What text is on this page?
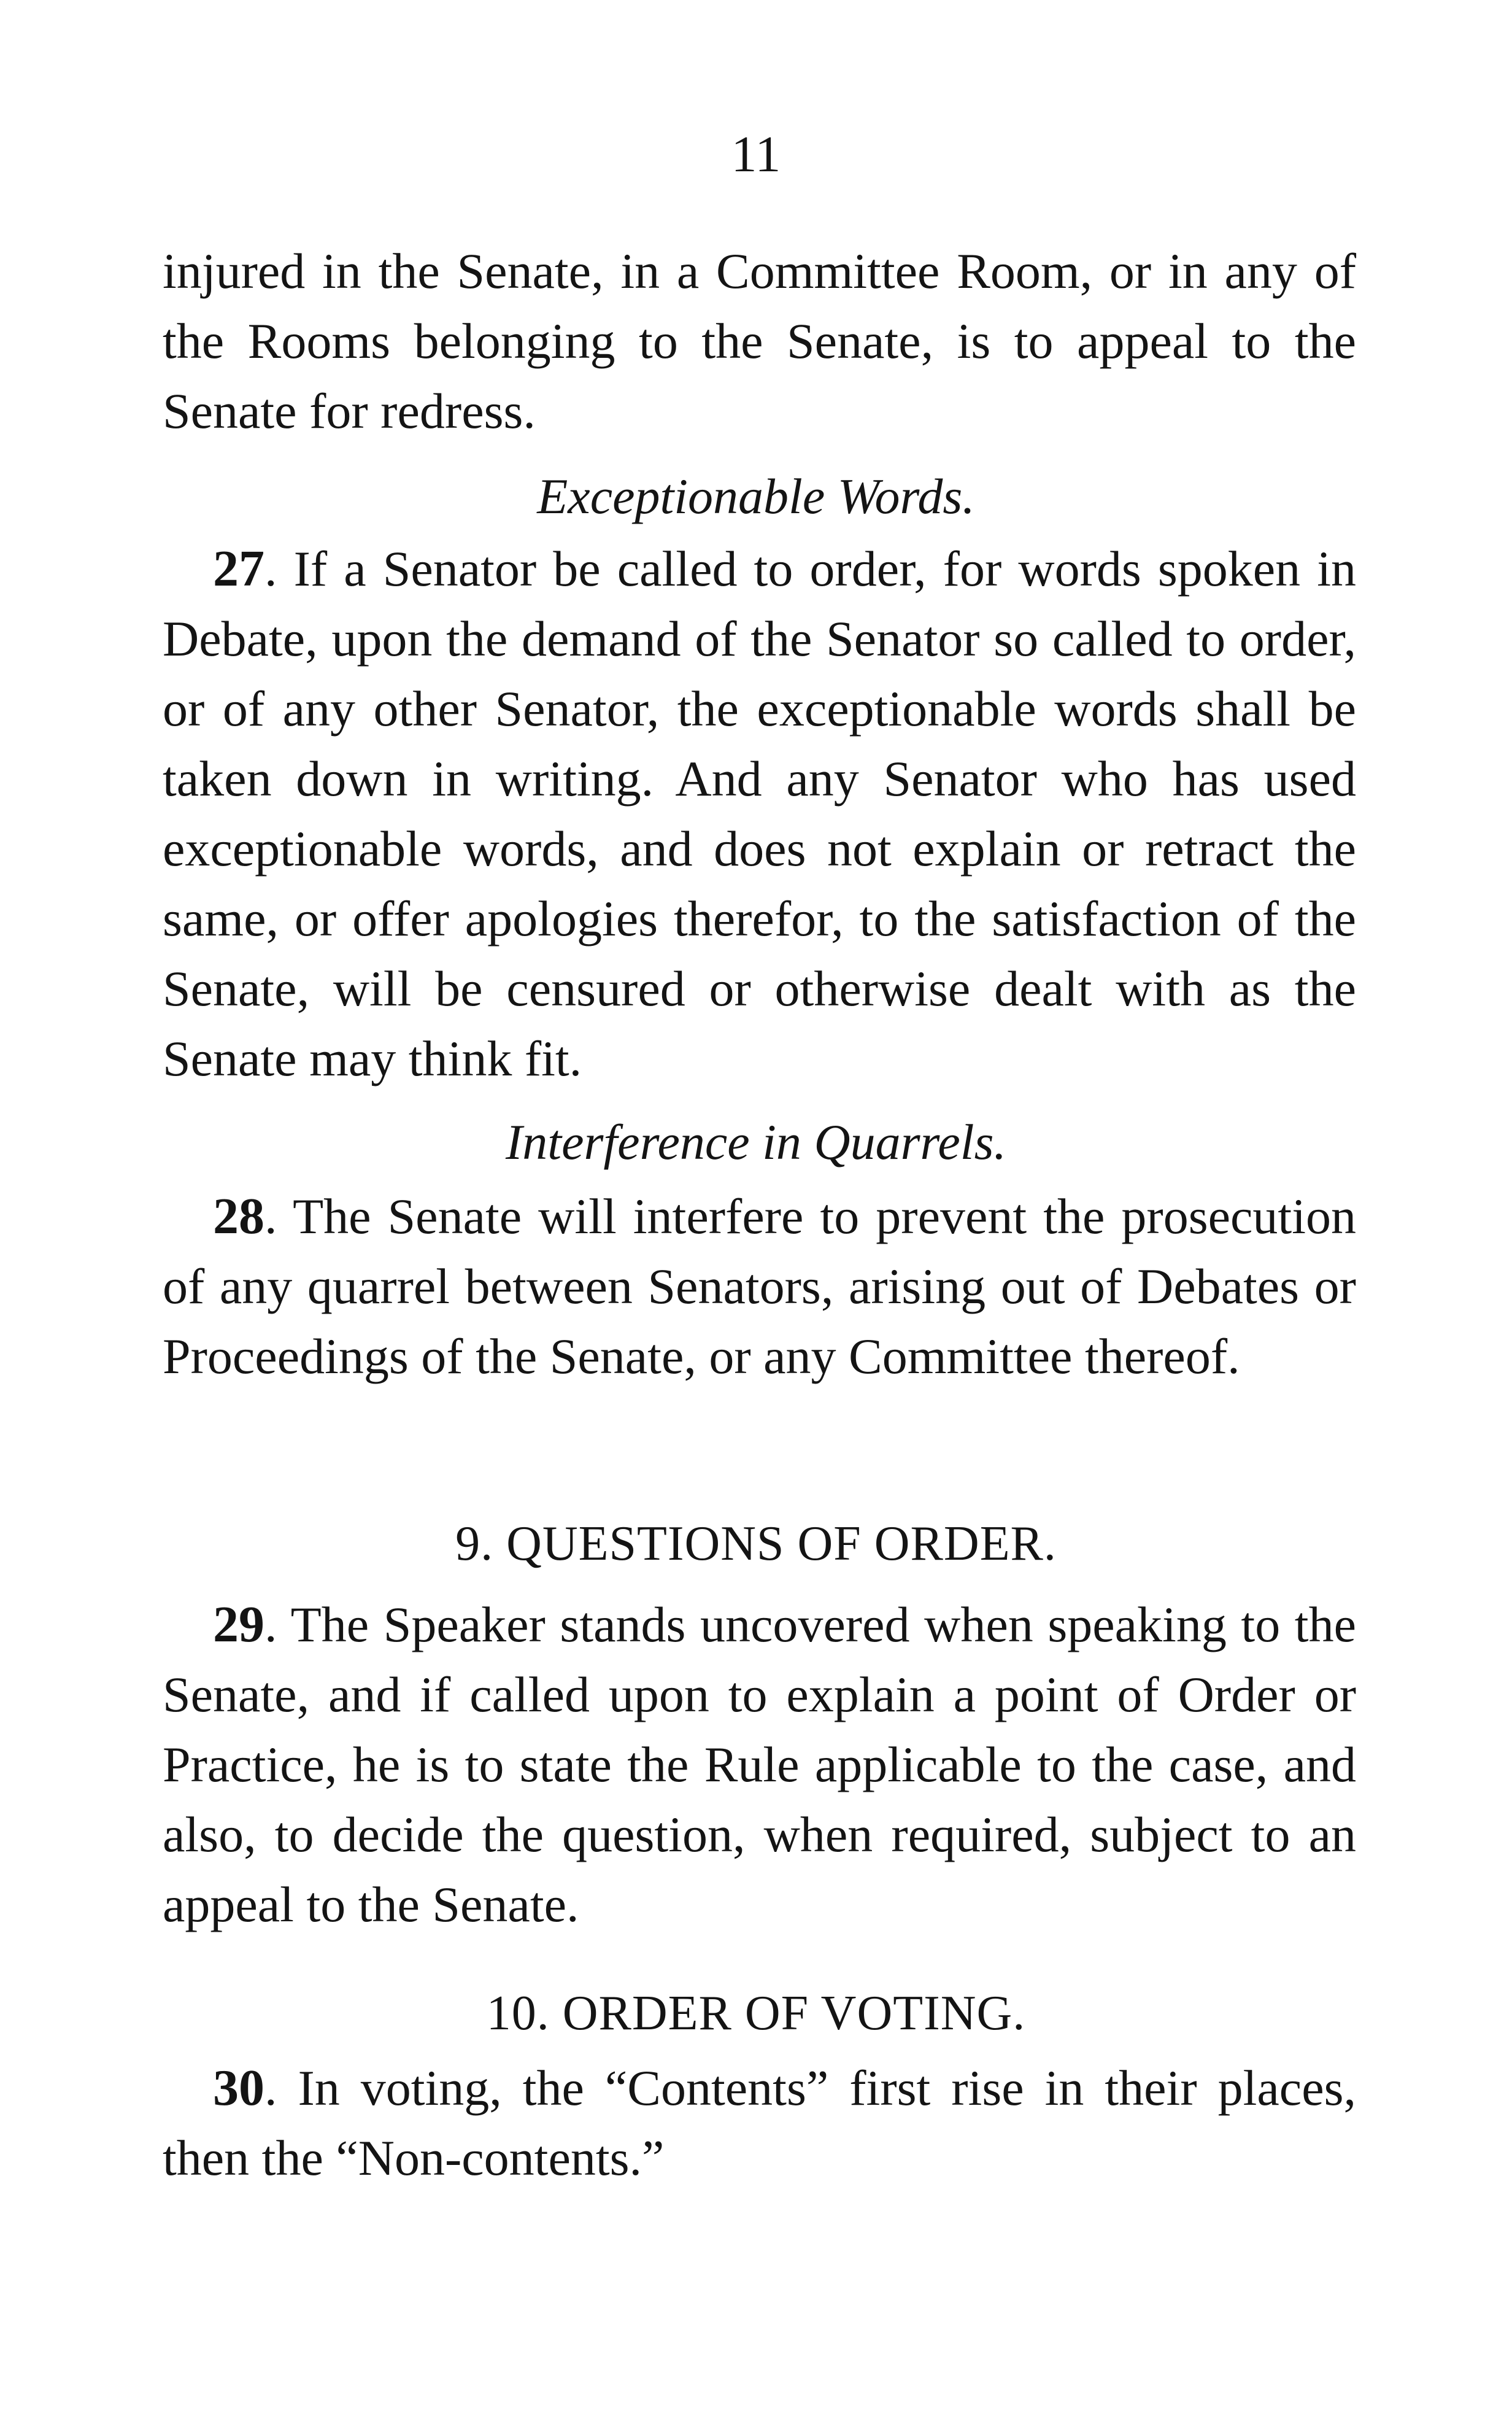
11
injured in the Senate, in a Committee Room, or in any of the Rooms belonging to the Senate, is to appeal to the Senate for redress.
Exceptionable Words.
27. If a Senator be called to order, for words spoken in Debate, upon the demand of the Senator so called to order, or of any other Senator, the exceptionable words shall be taken down in writing. And any Senator who has used exceptionable words, and does not explain or retract the same, or offer apologies therefor, to the satisfaction of the Senate, will be censured or otherwise dealt with as the Senate may think fit.
Interference in Quarrels.
28. The Senate will interfere to prevent the prosecution of any quarrel between Senators, arising out of Debates or Proceedings of the Senate, or any Committee thereof.
9. QUESTIONS OF ORDER.
29. The Speaker stands uncovered when speaking to the Senate, and if called upon to explain a point of Order or Practice, he is to state the Rule applicable to the case, and also, to decide the question, when required, subject to an appeal to the Senate.
10. ORDER OF VOTING.
30. In voting, the “Contents” first rise in their places, then the “Non-contents.”
